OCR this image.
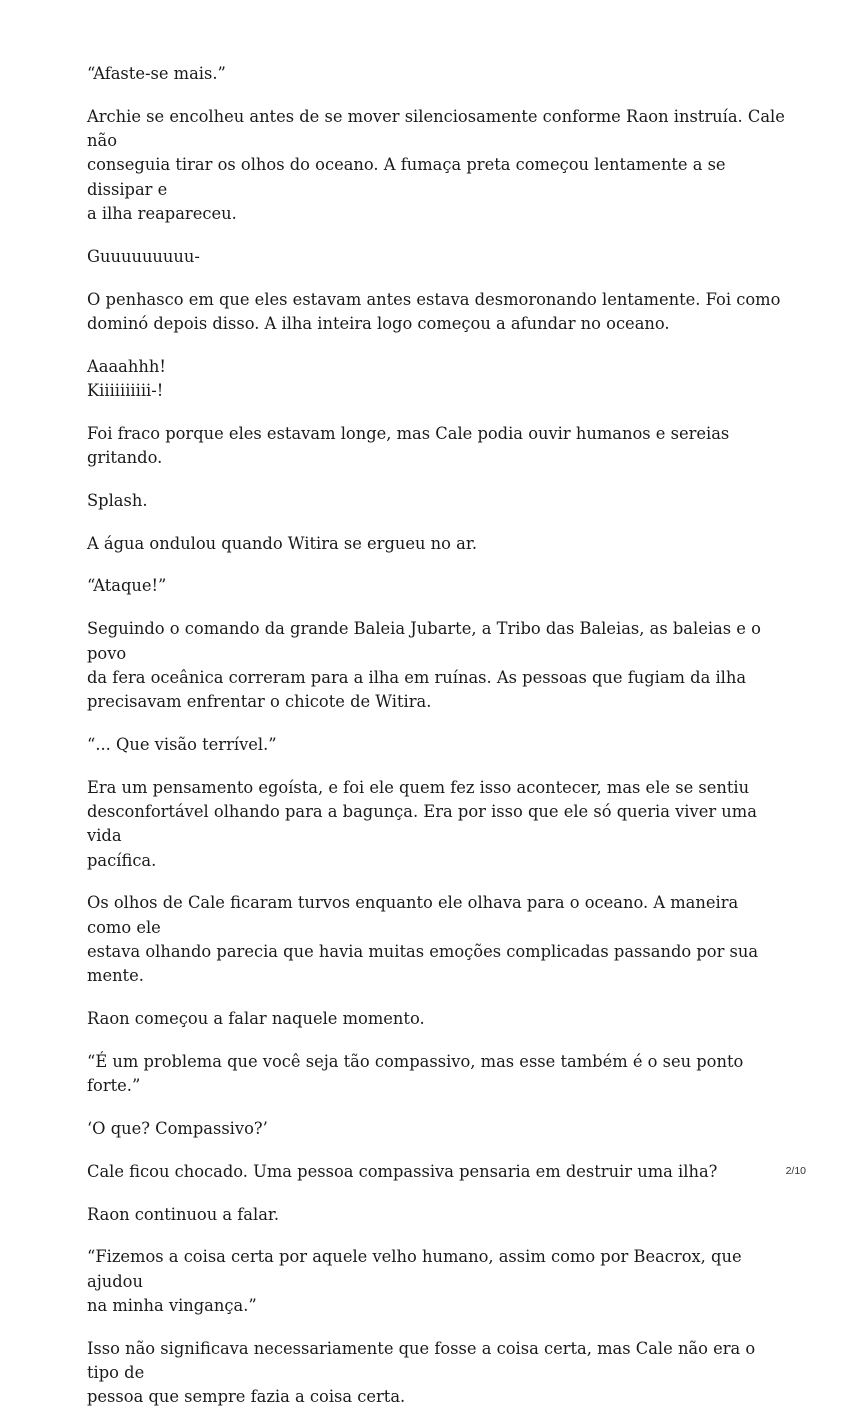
“Afaste-se mais.”

Archie se encolheu antes de se mover silenciosamente conforme Raon instruía. Cale não
conseguia tirar os olhos do oceano. A fumaça preta começou lentamente a se dissipar e
a ilha reapareceu.

Guuuuuuuuu-

O penhasco em que eles estavam antes estava desmoronando lentamente. Foi como
dominó depois disso. A ilha inteira logo começou a afundar no oceano.

Aaaahhh!
Kiiiiiiiiii-!

Foi fraco porque eles estavam longe, mas Cale podia ouvir humanos e sereias gritando.

Splash.

A água ondulou quando Witira se ergueu no ar.

“Ataque!”

Seguindo o comando da grande Baleia Jubarte, a Tribo das Baleias, as baleias e o povo
da fera oceânica correram para a ilha em ruínas. As pessoas que fugiam da ilha
precisavam enfrentar o chicote de Witira.

“... Que visão terrível.”

Era um pensamento egoísta, e foi ele quem fez isso acontecer, mas ele se sentiu
desconfortável olhando para a bagunça. Era por isso que ele só queria viver uma vida
pacífica.

Os olhos de Cale ficaram turvos enquanto ele olhava para o oceano. A maneira como ele
estava olhando parecia que havia muitas emoções complicadas passando por sua mente.

Raon começou a falar naquele momento.

“É um problema que você seja tão compassivo, mas esse também é o seu ponto forte.”

‘O que? Compassivo?’

Cale ficou chocado. Uma pessoa compassiva pensaria em destruir uma ilha?

Raon continuou a falar.

“Fizemos a coisa certa por aquele velho humano, assim como por Beacrox, que ajudou
na minha vingança.”

Isso não significava necessariamente que fosse a coisa certa, mas Cale não era o tipo de
pessoa que sempre fazia a coisa certa.

2/10
